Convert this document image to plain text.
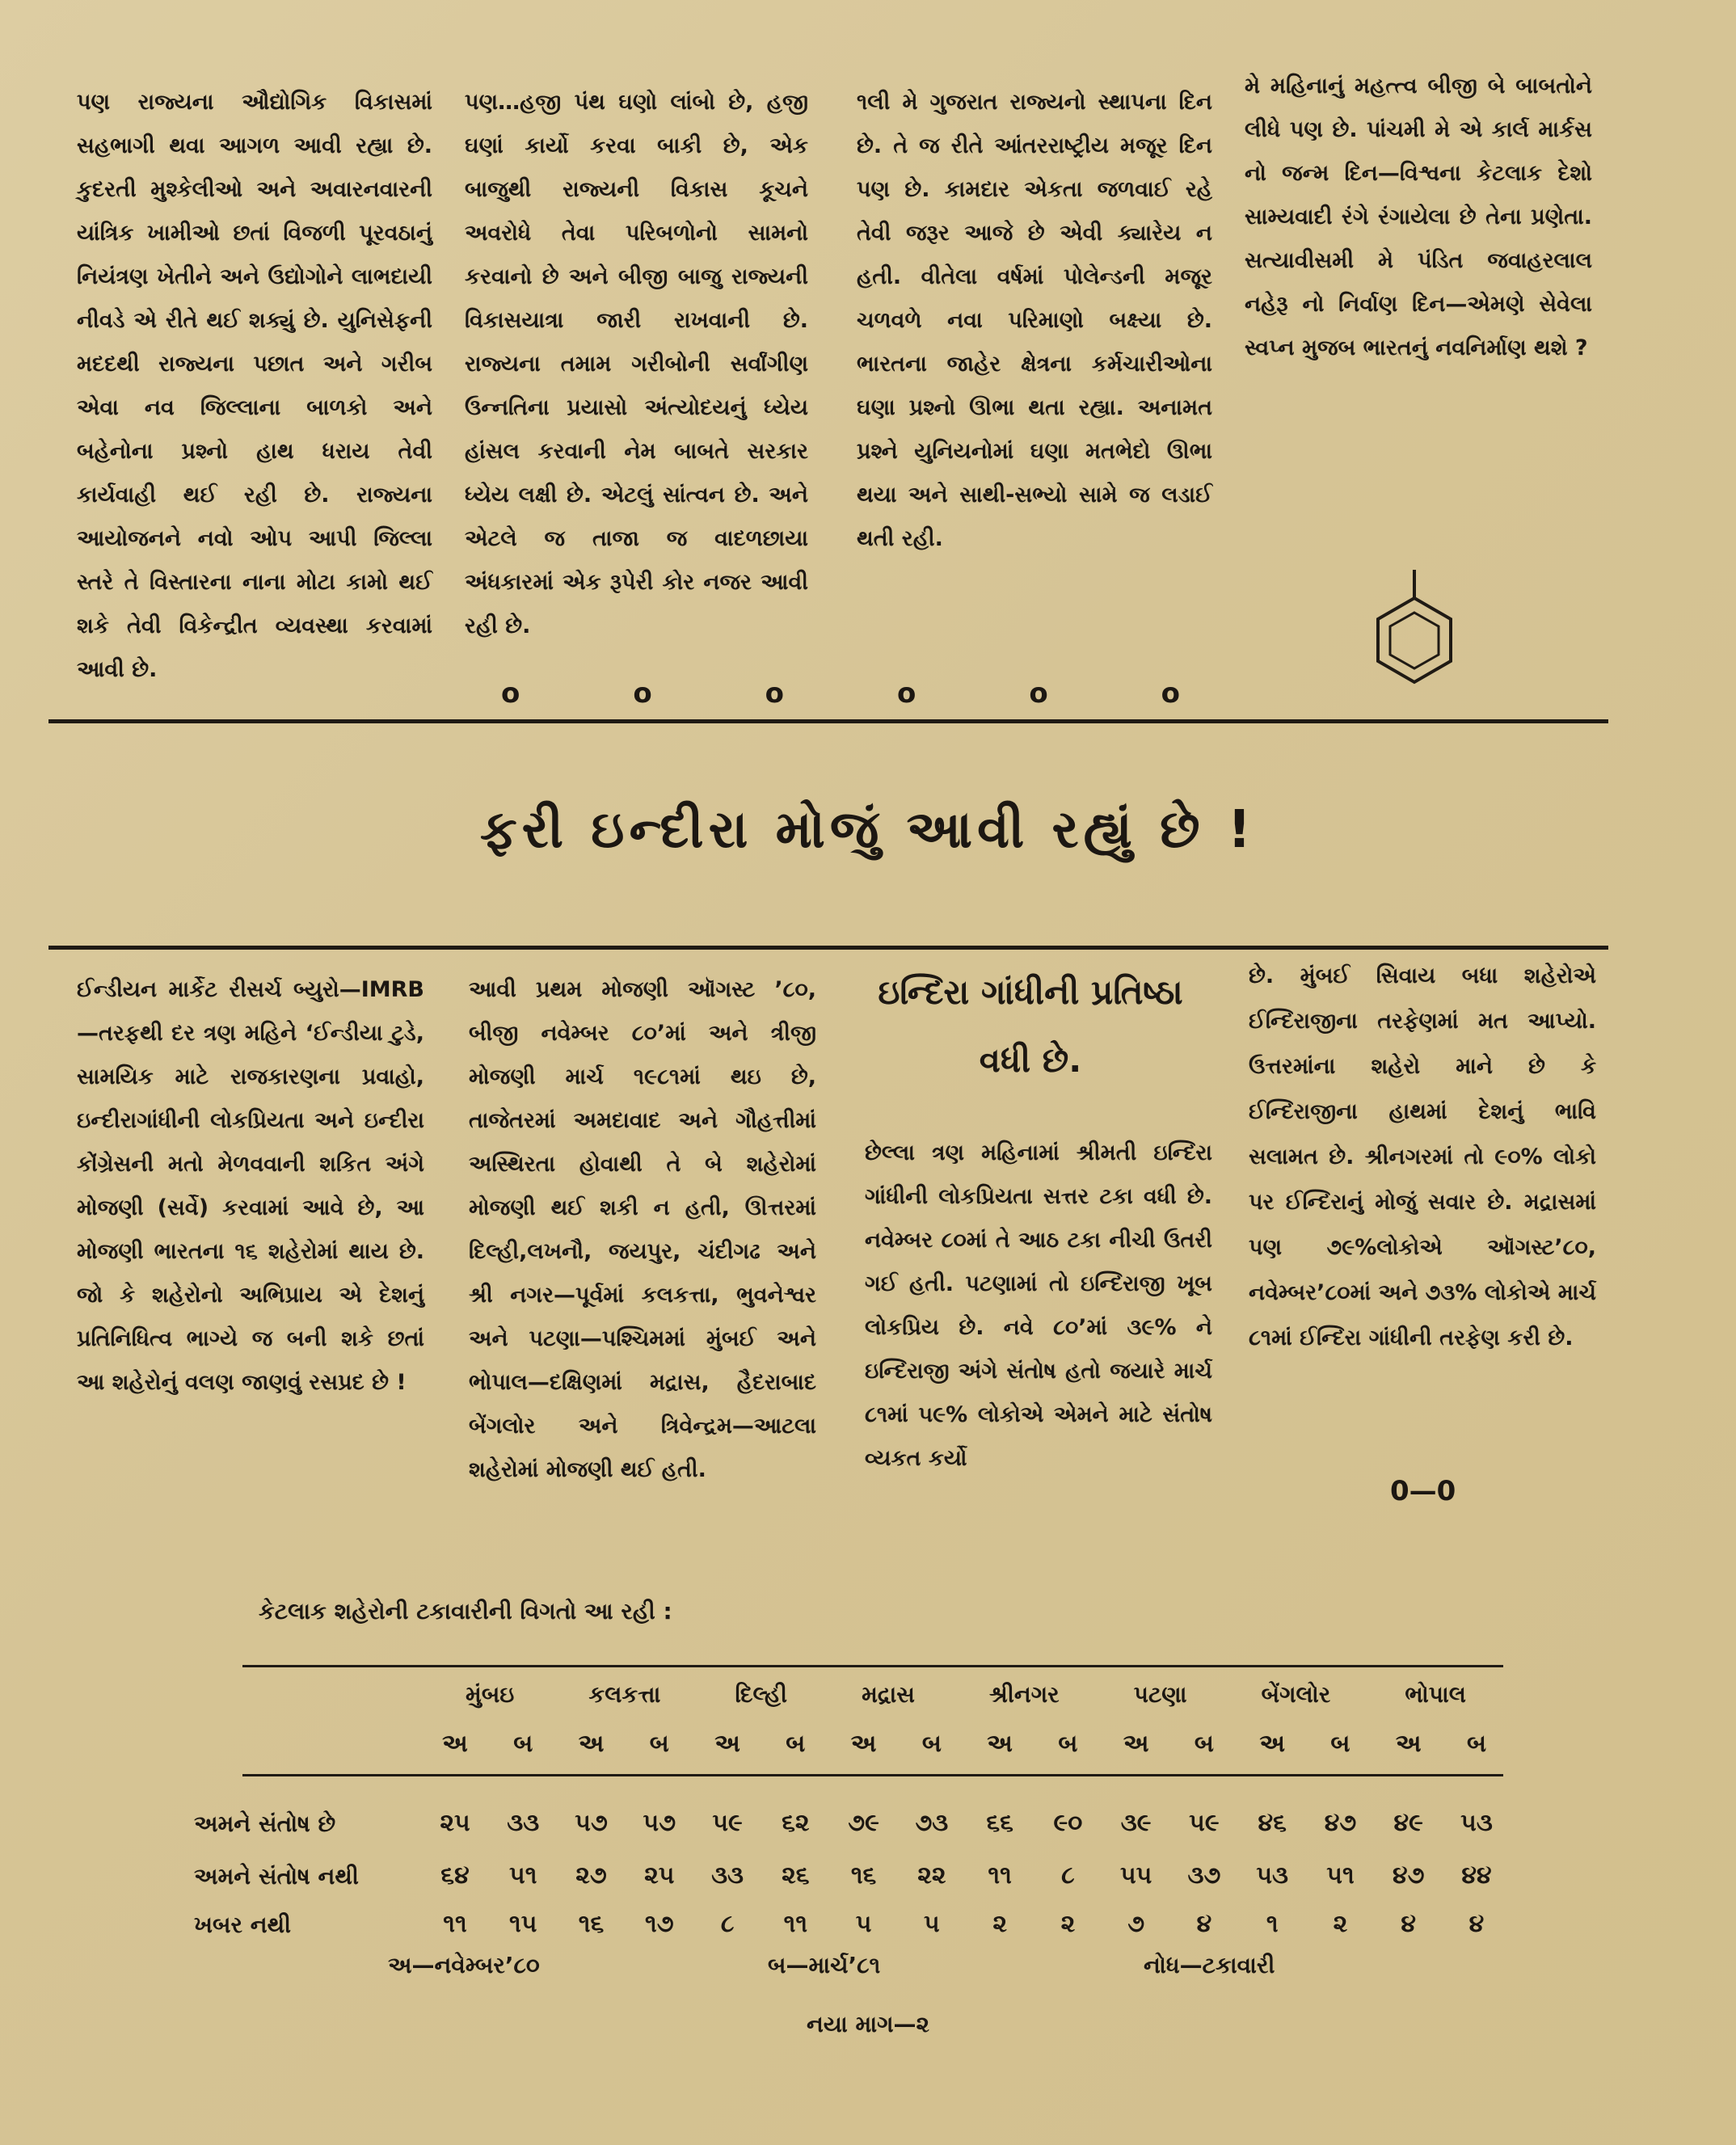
પણ રાજ્યના ઔદ્યોગિક વિકાસમાં સહભાગી થવા આગળ આવી રહ્યા છે. કુદરતી મુશ્કેલીઓ અને અવારનવારની યાંત્રિક ખામીઓ છતાં વિજળી પૂરવઠાનું નિયંત્રણ ખેતીને અને ઉદ્યોગોને લાભદાયી નીવડે એ રીતે થઈ શક્યું છે. યુનિસેફની મદદથી રાજ્યના પછાત અને ગરીબ એવા નવ જિલ્લાના બાળકો અને બહેનોના પ્રશ્નો હાથ ધરાય તેવી કાર્યવાહી થઈ રહી છે. રાજ્યના આયોજનને નવો ઓપ આપી જિલ્લા સ્તરે તે વિસ્તારના નાના મોટા કામો થઈ શકે તેવી વિકેન્દ્રીત વ્યવસ્થા કરવામાં આવી છે.

પણ…હજી પંથ ઘણો લાંબો છે, હજી ઘણાં કાર્યો કરવા બાકી છે, એક બાજુથી રાજ્યની વિકાસ કૂચને અવરોધે તેવા પરિબળોનો સામનો કરવાનો છે અને બીજી બાજુ રાજ્યની વિકાસયાત્રા જારી રાખવાની છે. રાજ્યના તમામ ગરીબોની સર્વાંગીણ ઉન્નતિના પ્રયાસો અંત્યોદયનું ધ્યેય હાંસલ કરવાની નેમ બાબતે સરકાર ધ્યેય લક્ષી છે. એટલું સાંત્વન છે. અને એટલે જ તાજા જ વાદળછાયા અંધકારમાં એક રૂપેરી કોર નજર આવી રહી છે.

૧લી મે ગુજરાત રાજ્યનો સ્થાપના દિન છે. તે જ રીતે આંતરરાષ્ટ્રીય મજૂર દિન પણ છે. કામદાર એકતા જળવાઈ રહે તેવી જરૂર આજે છે એવી ક્યારેય ન હતી. વીતેલા વર્ષમાં પોલેન્ડની મજૂર ચળવળે નવા પરિમાણો બક્ષ્યા છે. ભારતના જાહેર ક્ષેત્રના કર્મચારીઓના ઘણા પ્રશ્નો ઊભા થતા રહ્યા. અનામત પ્રશ્ને યુનિયનોમાં ઘણા મતભેદો ઊભા થયા અને સાથી-સભ્યો સામે જ લડાઈ થતી રહી.

મે મહિનાનું મહત્ત્વ બીજી બે બાબતોને લીધે પણ છે. પાંચમી મે એ કાર્લ માર્કસ નો જન્મ દિન—વિશ્વના કેટલાક દેશો સામ્યવાદી રંગે રંગાયેલા છે તેના પ્રણેતા. સત્યાવીસમી મે પંડિત જવાહરલાલ નહેરૂ નો નિર્વાણ દિન—એમણે સેવેલા સ્વપ્ન મુજબ ભારતનું નવનિર્માણ થશે ?

o	o	o	o	o	o
ફરી ઇન્દીરા મોજું આવી રહ્યું છે !

ઈન્ડીયન માર્કેટ રીસર્ચ બ્યુરો—IMRB—તરફથી દર ત્રણ મહિને ‘ઈન્ડીયા ટુડે, સામયિક માટે રાજકારણના પ્રવાહો, ઇન્દીરાગાંધીની લોકપ્રિયતા અને ઇન્દીરા કોંગ્રેસની મતો મેળવવાની શકિત અંગે મોજણી (સર્વે) કરવામાં આવે છે, આ મોજણી ભારતના ૧૬ શહેરોમાં થાય છે. જો કે શહેરોનો અભિપ્રાય એ દેશનું પ્રતિનિધિત્વ ભાગ્યે જ બની શકે છતાં આ શહેરોનું વલણ જાણવું રસપ્રદ છે !

આવી પ્રથમ મોજણી ઑગસ્ટ ’૮૦, બીજી નવેમ્બર ૮૦’માં અને ત્રીજી મોજણી માર્ચ ૧૯૮૧માં થઇ છે, તાજેતરમાં અમદાવાદ અને ગૌહત્તીમાં અસ્થિરતા હોવાથી તે બે શહેરોમાં મોજણી થઈ શકી ન હતી, ઊત્તરમાં દિલ્હી,લખનૌ, જયપુર, ચંદીગઢ અને શ્રી નગર—પૂર્વમાં કલકત્તા, ભુવનેશ્વર અને પટણા—પશ્ચિમમાં મુંબઈ અને ભોપાલ—દક્ષિણમાં મદ્રાસ, હૈદરાબાદ બેંગલોર અને ત્રિવેન્દ્રમ—આટલા શહેરોમાં મોજણી થઈ હતી.

ઇન્દિરા ગાંધીની પ્રતિષ્ઠા વધી છે.

છેલ્લા ત્રણ મહિનામાં શ્રીમતી ઇન્દિરા ગાંધીની લોકપ્રિયતા સત્તર ટકા વધી છે. નવેમ્બર ૮૦માં તે આઠ ટકા નીચી ઉતરી ગઈ હતી. પટણામાં તો ઇન્દિરાજી ખૂબ લોકપ્રિય છે. નવે ૮૦’માં ૩૯% ને ઇન્દિરાજી અંગે સંતોષ હતો જયારે માર્ચ ૮૧માં ૫૯% લોકોએ એમને માટે સંતોષ વ્યકત કર્યો

છે. મુંબઈ સિવાય બધા શહેરોએ ઈન્દિરાજીના તરફેણમાં મત આપ્યો. ઉત્તરમાંના શહેરો માને છે કે ઈન્દિરાજીના હાથમાં દેશનું ભાવિ સલામત છે. શ્રીનગરમાં તો ૯૦% લોકો પર ઈન્દિરાનું મોજું સવાર છે. મદ્રાસમાં પણ ૭૯%લોકોએ ઑગસ્ટ’૮૦, નવેમ્બર’૮૦માં અને ૭૩% લોકોએ માર્ચ ૮૧માં ઈન્દિરા ગાંધીની તરફેણ કરી છે.

0—0
કેટલાક શહેરોની ટકાવારીની વિગતો આ રહી :
મુંબઇ	કલકત્તા	દિલ્હી	મદ્રાસ	શ્રીનગર	પટણા	બેંગલોર	ભોપાલ
અ	બ	અ	બ	અ	બ	અ	બ	અ	બ	અ	બ	અ	બ	અ	બ
અમને સંતોષ છે	૨૫	૩૩	૫૭	૫૭	૫૯	૬૨	૭૯	૭૩	૬૬	૯૦	૩૯	૫૯	૪૬	૪૭	૪૯	૫૩
અમને સંતોષ નથી	૬૪	૫૧	૨૭	૨૫	૩૩	૨૬	૧૬	૨૨	૧૧	૮	૫૫	૩૭	૫૩	૫૧	૪૭	૪૪
ખબર નથી	૧૧	૧૫	૧૬	૧૭	૮	૧૧	૫	૫	૨	૨	૭	૪	૧	૨	૪	૪
અ—નવેમ્બર’૮૦	બ—માર્ચ’૮૧	નોધ—ટકાવારી
નયા માગ—૨
